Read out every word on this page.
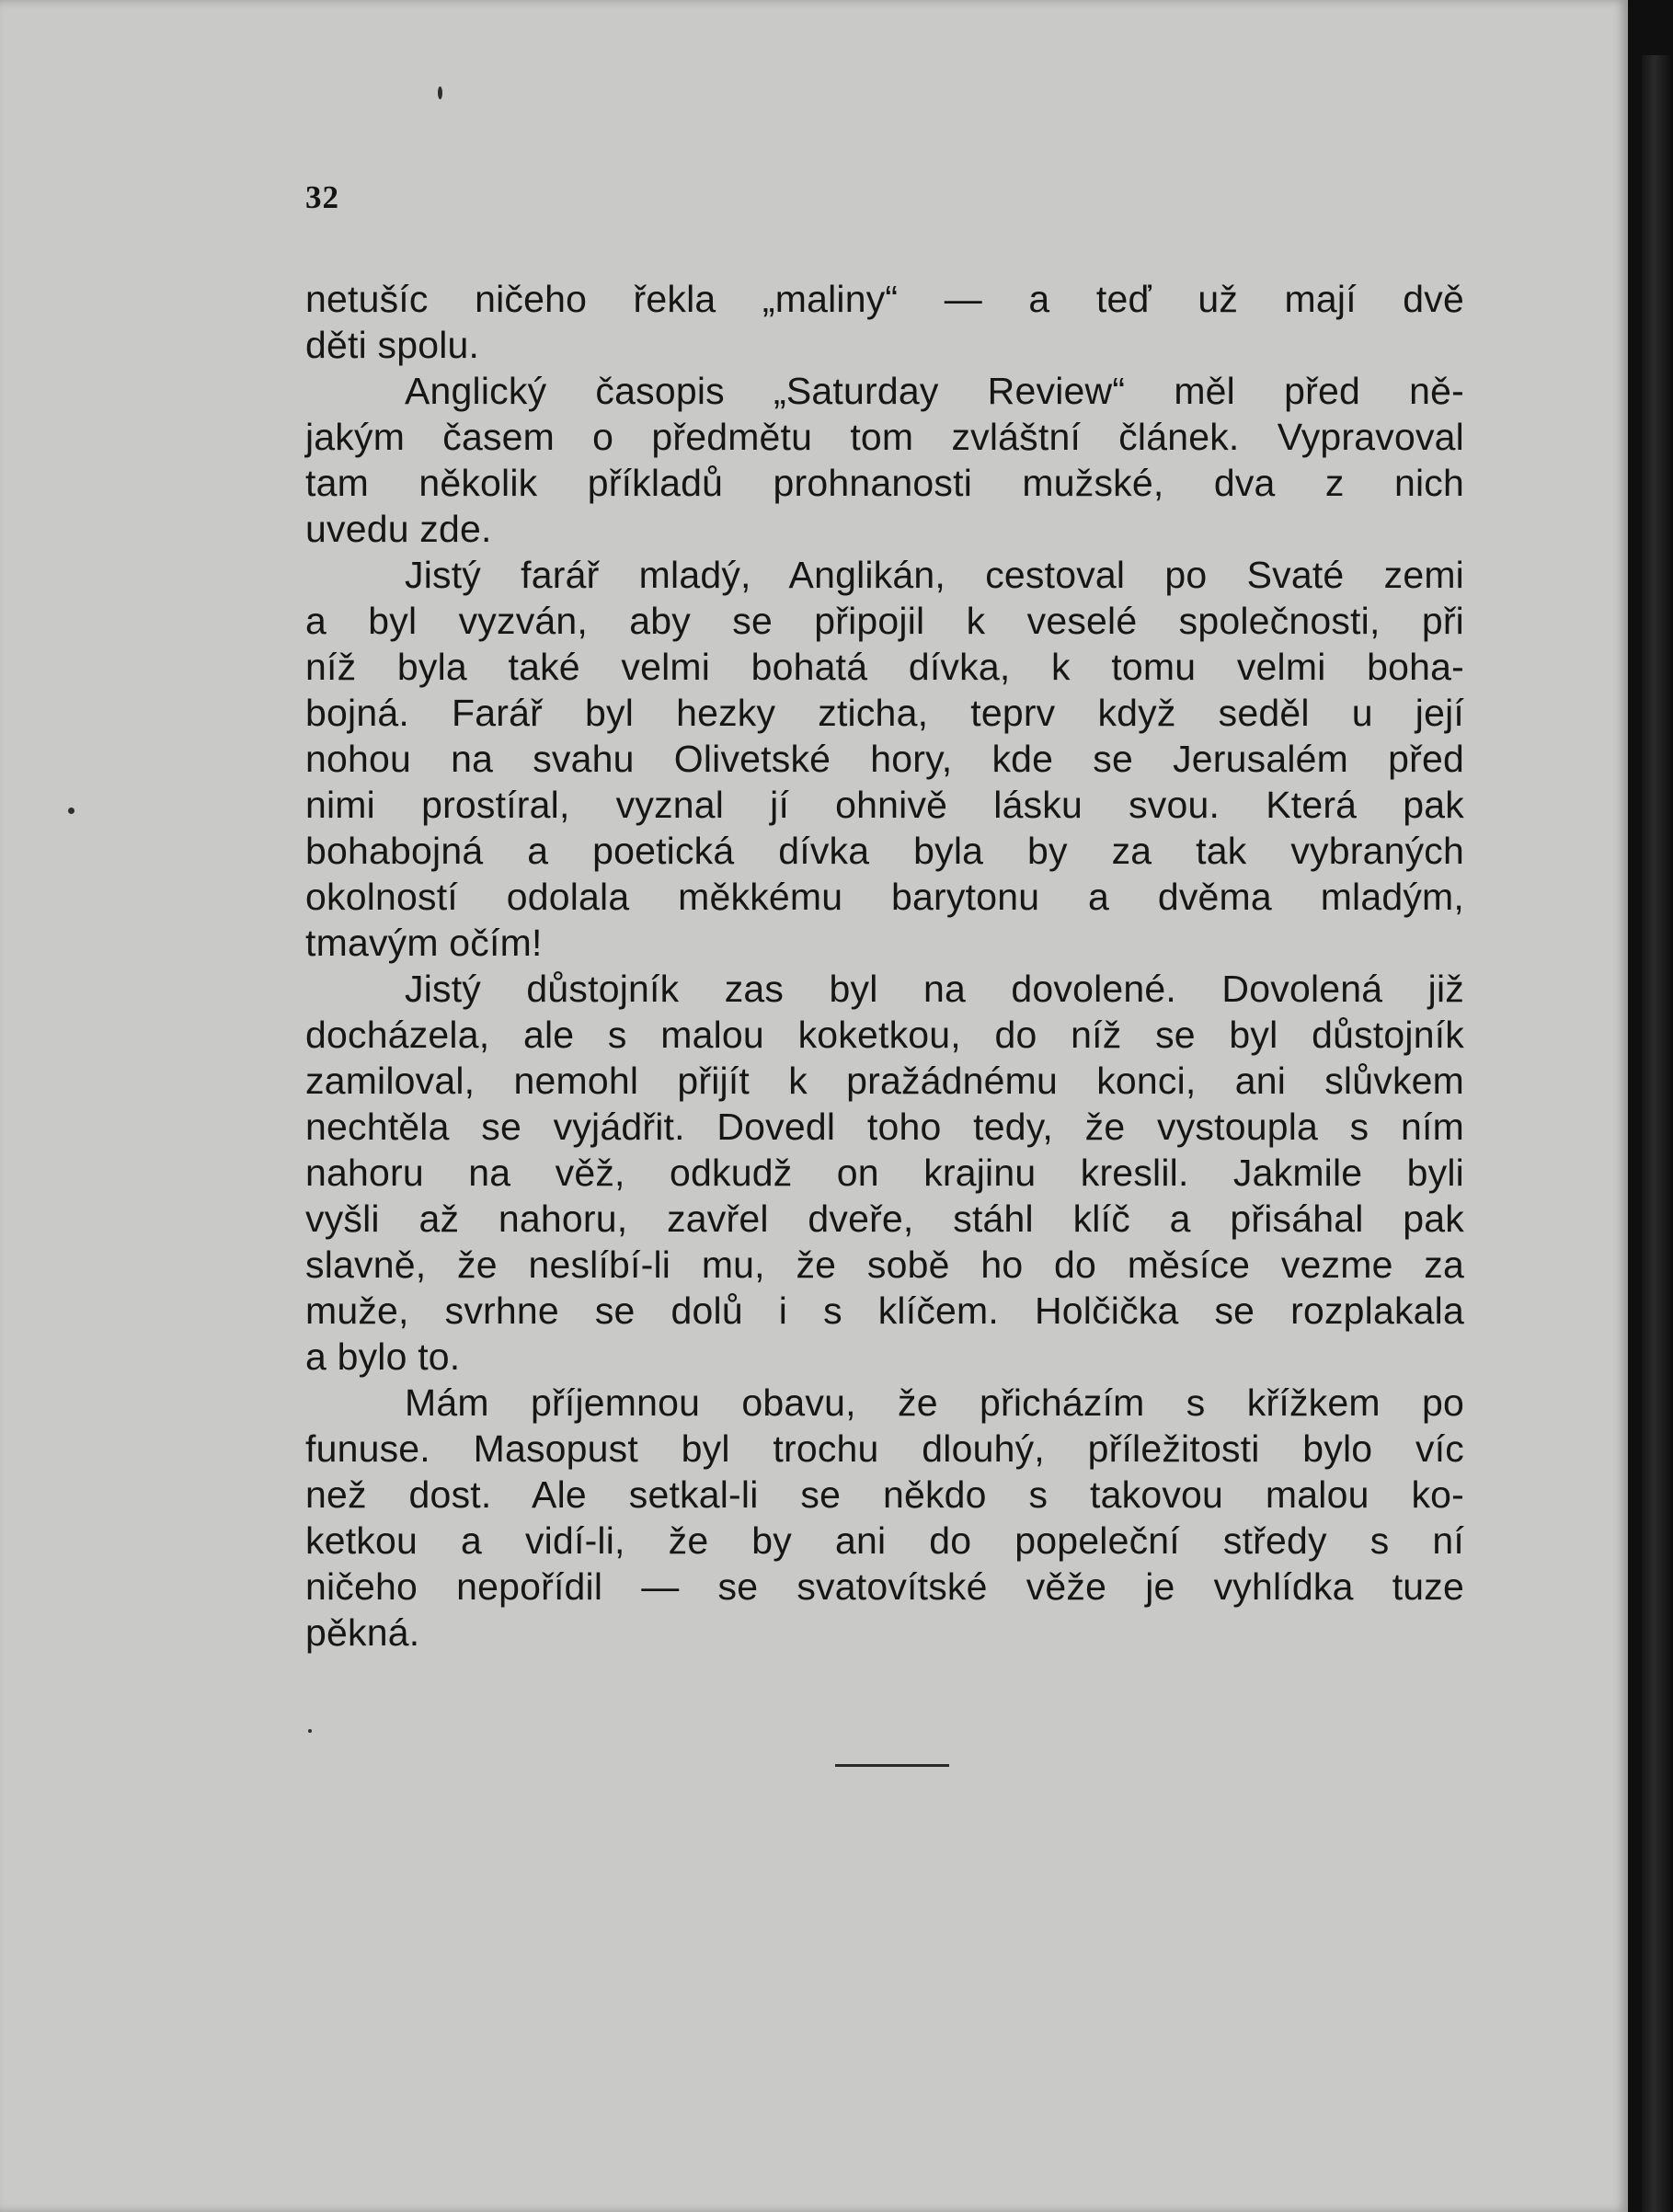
32
netušíc ničeho řekla „maliny“ — a teď už mají dvě
děti spolu.
Anglický časopis „Saturday Review“ měl před ně-
jakým časem o předmětu tom zvláštní článek. Vypravoval
tam několik příkladů prohnanosti mužské, dva z nich
uvedu zde.
Jistý farář mladý, Anglikán, cestoval po Svaté zemi
a byl vyzván, aby se připojil k veselé společnosti, při
níž byla také velmi bohatá dívka, k tomu velmi boha-
bojná. Farář byl hezky zticha, teprv když seděl u její
nohou na svahu Olivetské hory, kde se Jerusalém před
nimi prostíral, vyznal jí ohnivě lásku svou. Která pak
bohabojná a poetická dívka byla by za tak vybraných
okolností odolala měkkému barytonu a dvěma mladým,
tmavým očím!
Jistý důstojník zas byl na dovolené. Dovolená již
docházela, ale s malou koketkou, do níž se byl důstojník
zamiloval, nemohl přijít k pražádnému konci, ani slůvkem
nechtěla se vyjádřit. Dovedl toho tedy, že vystoupla s ním
nahoru na věž, odkudž on krajinu kreslil. Jakmile byli
vyšli až nahoru, zavřel dveře, stáhl klíč a přisáhal pak
slavně, že neslíbí-li mu, že sobě ho do měsíce vezme za
muže, svrhne se dolů i s klíčem. Holčička se rozplakala
a bylo to.
Mám příjemnou obavu, že přicházím s křížkem po
funuse. Masopust byl trochu dlouhý, příležitosti bylo víc
než dost. Ale setkal-li se někdo s takovou malou ko-
ketkou a vidí-li, že by ani do popeleční středy s ní
ničeho nepořídil — se svatovítské věže je vyhlídka tuze
pěkná.
